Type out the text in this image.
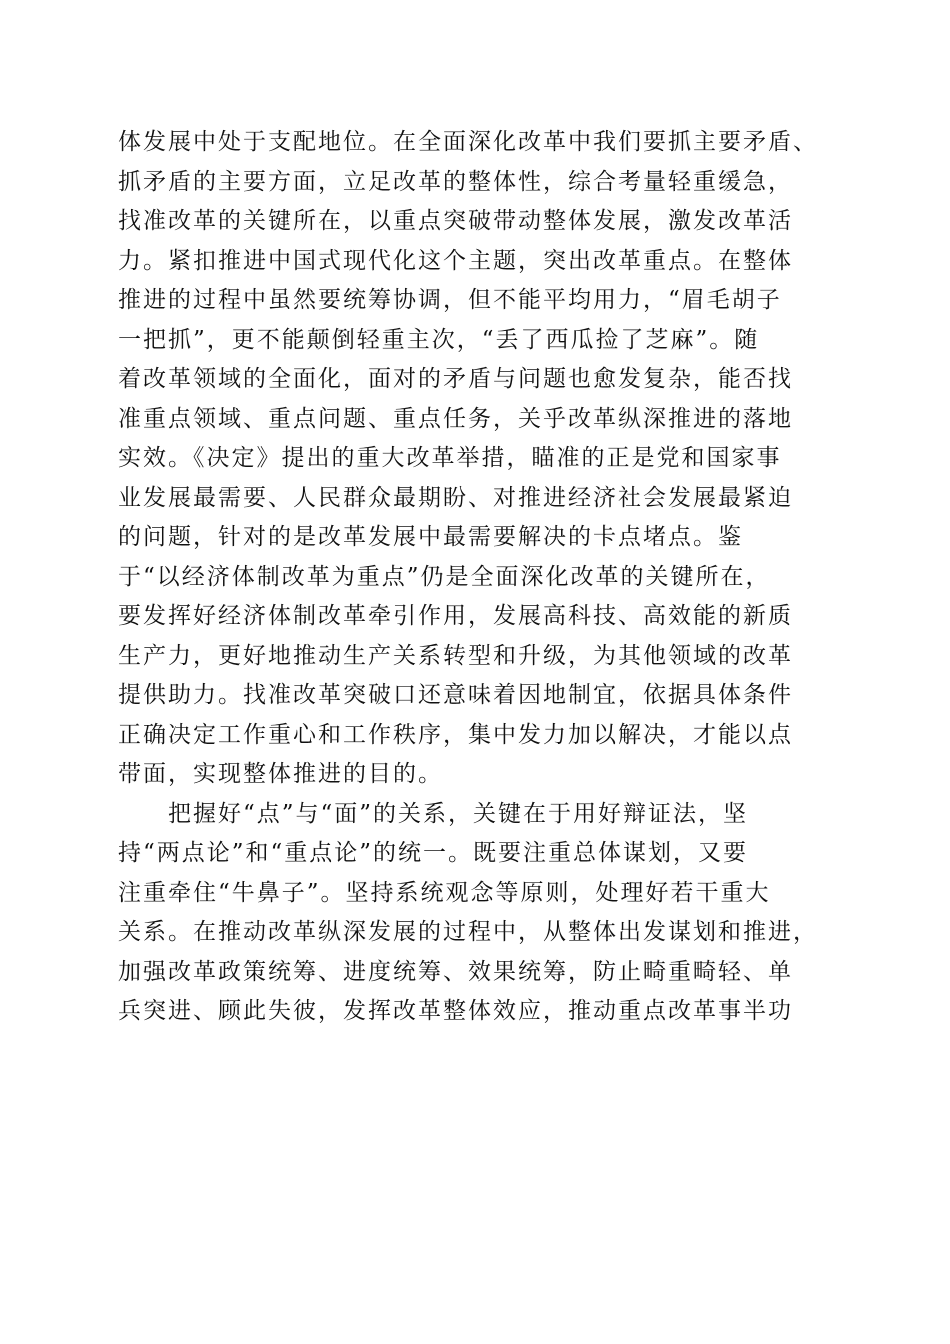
体发展中处于支配地位。在全面深化改革中我们要抓主要矛盾、
抓矛盾的主要方面，立足改革的整体性，综合考量轻重缓急，
找准改革的关键所在，以重点突破带动整体发展，激发改革活
力。紧扣推进中国式现代化这个主题，突出改革重点。在整体
推进的过程中虽然要统筹协调，但不能平均用力，“眉毛胡子
一把抓”，更不能颠倒轻重主次，“丢了西瓜捡了芝麻”。随
着改革领域的全面化，面对的矛盾与问题也愈发复杂，能否找
准重点领域、重点问题、重点任务，关乎改革纵深推进的落地
实效。《决定》提出的重大改革举措，瞄准的正是党和国家事
业发展最需要、人民群众最期盼、对推进经济社会发展最紧迫
的问题，针对的是改革发展中最需要解决的卡点堵点。鉴
于“以经济体制改革为重点”仍是全面深化改革的关键所在，
要发挥好经济体制改革牵引作用，发展高科技、高效能的新质
生产力，更好地推动生产关系转型和升级，为其他领域的改革
提供助力。找准改革突破口还意味着因地制宜，依据具体条件
正确决定工作重心和工作秩序，集中发力加以解决，才能以点
带面，实现整体推进的目的。
把握好“点”与“面”的关系，关键在于用好辩证法，坚
持“两点论”和“重点论”的统一。既要注重总体谋划，又要
注重牵住“牛鼻子”。坚持系统观念等原则，处理好若干重大
关系。在推动改革纵深发展的过程中，从整体出发谋划和推进，
加强改革政策统筹、进度统筹、效果统筹，防止畸重畸轻、单
兵突进、顾此失彼，发挥改革整体效应，推动重点改革事半功
